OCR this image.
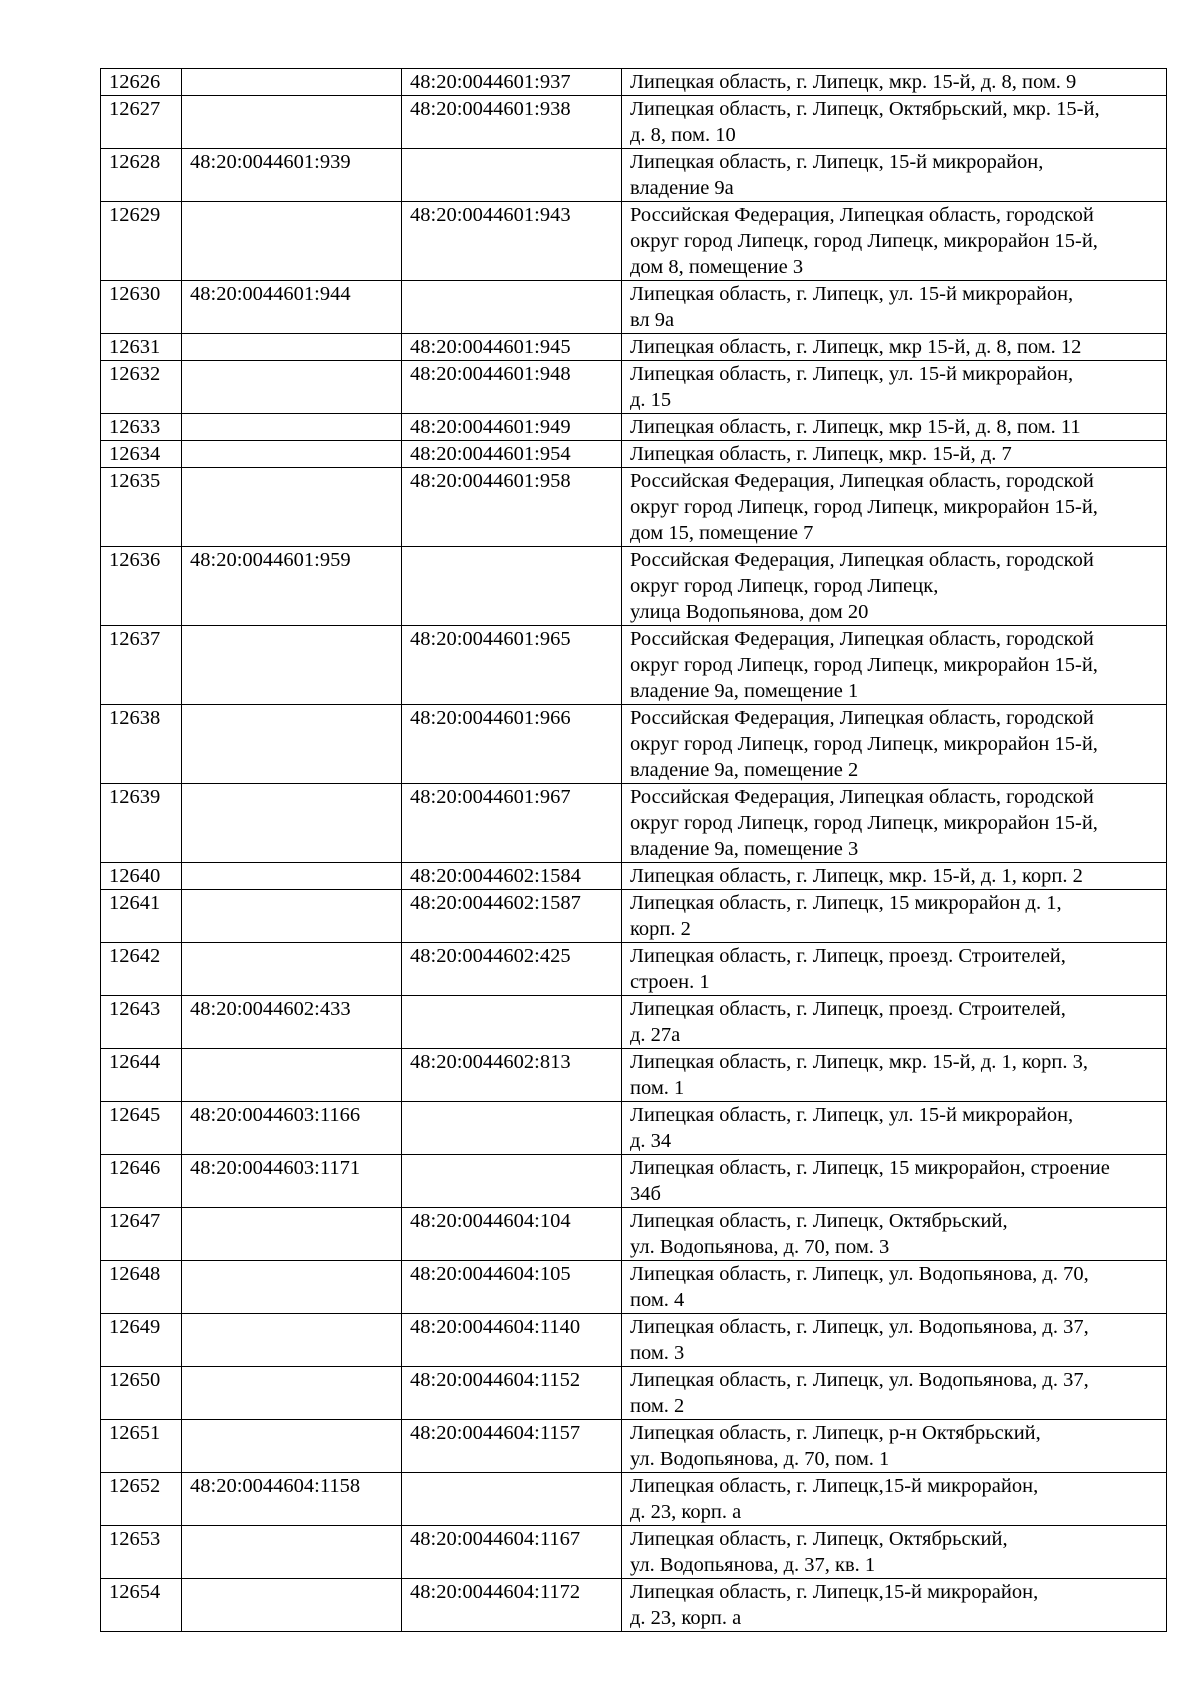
12626		48:20:0044601:937	Липецкая область, г. Липецк, мкр. 15-й, д. 8, пом. 9

12627		48:20:0044601:938	Липецкая область, г. Липецк, Октябрьский, мкр. 15-й,
д. 8, пом. 10

12628	48:20:0044601:939		Липецкая область, г. Липецк, 15-й микрорайон,
владение 9а

12629		48:20:0044601:943	Российская Федерация, Липецкая область, городской
округ город Липецк, город Липецк, микрорайон 15-й,
дом 8, помещение 3

12630	48:20:0044601:944		Липецкая область, г. Липецк, ул. 15-й микрорайон,
вл 9а

12631		48:20:0044601:945	Липецкая область, г. Липецк, мкр 15-й, д. 8, пом. 12

12632		48:20:0044601:948	Липецкая область, г. Липецк, ул. 15-й микрорайон,
д. 15

12633		48:20:0044601:949	Липецкая область, г. Липецк, мкр 15-й, д. 8, пом. 11

12634		48:20:0044601:954	Липецкая область, г. Липецк, мкр. 15-й, д. 7

12635		48:20:0044601:958	Российская Федерация, Липецкая область, городской
округ город Липецк, город Липецк, микрорайон 15-й,
дом 15, помещение 7

12636	48:20:0044601:959		Российская Федерация, Липецкая область, городской
округ город Липецк, город Липецк,
улица Водопьянова, дом 20

12637		48:20:0044601:965	Российская Федерация, Липецкая область, городской
округ город Липецк, город Липецк, микрорайон 15-й,
владение 9а, помещение 1

12638		48:20:0044601:966	Российская Федерация, Липецкая область, городской
округ город Липецк, город Липецк, микрорайон 15-й,
владение 9а, помещение 2

12639		48:20:0044601:967	Российская Федерация, Липецкая область, городской
округ город Липецк, город Липецк, микрорайон 15-й,
владение 9а, помещение 3

12640		48:20:0044602:1584	Липецкая область, г. Липецк, мкр. 15-й, д. 1, корп. 2

12641		48:20:0044602:1587	Липецкая область, г. Липецк, 15 микрорайон д. 1,
корп. 2

12642		48:20:0044602:425	Липецкая область, г. Липецк, проезд. Строителей,
строен. 1

12643	48:20:0044602:433		Липецкая область, г. Липецк, проезд. Строителей,
д. 27а

12644		48:20:0044602:813	Липецкая область, г. Липецк, мкр. 15-й, д. 1, корп. 3,
пом. 1

12645	48:20:0044603:1166		Липецкая область, г. Липецк, ул. 15-й микрорайон,
д. 34

12646	48:20:0044603:1171		Липецкая область, г. Липецк, 15 микрорайон, строение
34б

12647		48:20:0044604:104	Липецкая область, г. Липецк, Октябрьский,
ул. Водопьянова, д. 70, пом. 3

12648		48:20:0044604:105	Липецкая область, г. Липецк, ул. Водопьянова, д. 70,
пом. 4

12649		48:20:0044604:1140	Липецкая область, г. Липецк, ул. Водопьянова, д. 37,
пом. 3

12650		48:20:0044604:1152	Липецкая область, г. Липецк, ул. Водопьянова, д. 37,
пом. 2

12651		48:20:0044604:1157	Липецкая область, г. Липецк, р-н Октябрьский,
ул. Водопьянова, д. 70, пом. 1

12652	48:20:0044604:1158		Липецкая область, г. Липецк,15-й микрорайон,
д. 23, корп. а

12653		48:20:0044604:1167	Липецкая область, г. Липецк, Октябрьский,
ул. Водопьянова, д. 37, кв. 1

12654		48:20:0044604:1172	Липецкая область, г. Липецк,15-й микрорайон,
д. 23, корп. а
